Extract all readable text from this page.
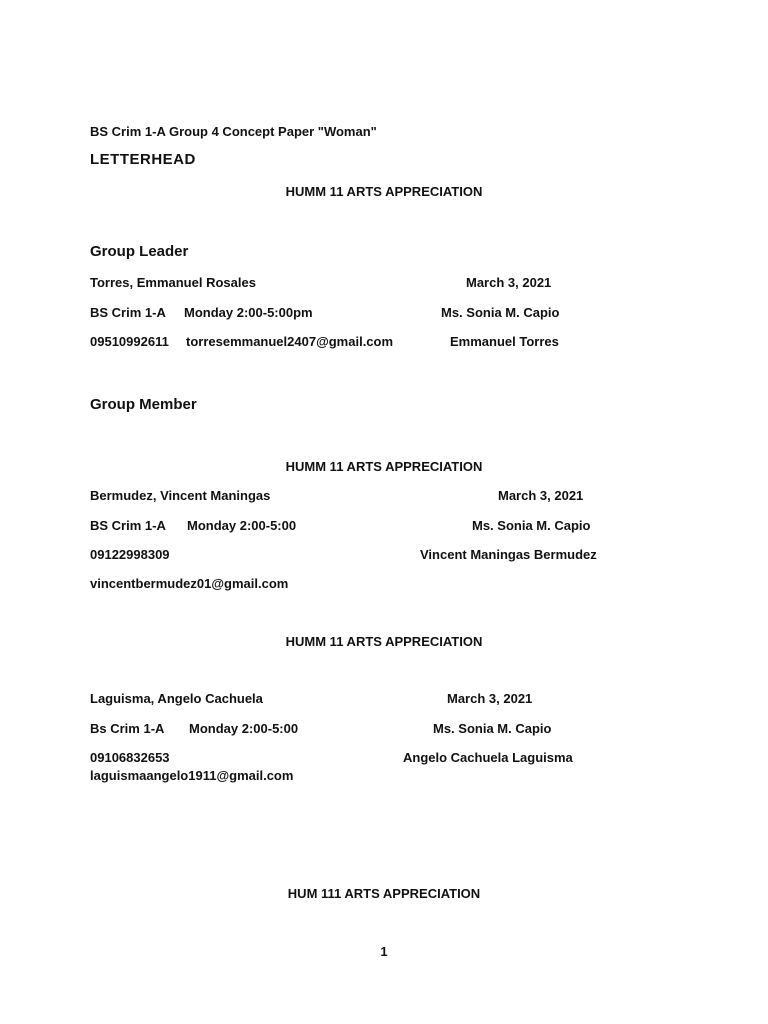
BS Crim 1-A Group 4 Concept Paper "Woman"
LETTERHEAD
HUMM 11 ARTS APPRECIATION
Group Leader
Torres, Emmanuel Rosales	March 3, 2021
BS Crim 1-A Monday 2:00-5:00pm	Ms. Sonia M. Capio
09510992611 torresemmanuel2407@gmail.com	Emmanuel Torres
Group Member
HUMM 11 ARTS APPRECIATION
Bermudez, Vincent Maningas	March 3, 2021
BS Crim 1-A Monday 2:00-5:00	Ms. Sonia M. Capio
09122998309	Vincent Maningas Bermudez
vincentbermudez01@gmail.com
HUMM 11 ARTS APPRECIATION
Laguisma, Angelo Cachuela	March 3, 2021
Bs Crim 1-A Monday 2:00-5:00	Ms. Sonia M. Capio
09106832653	Angelo Cachuela Laguisma
laguismaangelo1911@gmail.com
HUM 111 ARTS APPRECIATION
1
